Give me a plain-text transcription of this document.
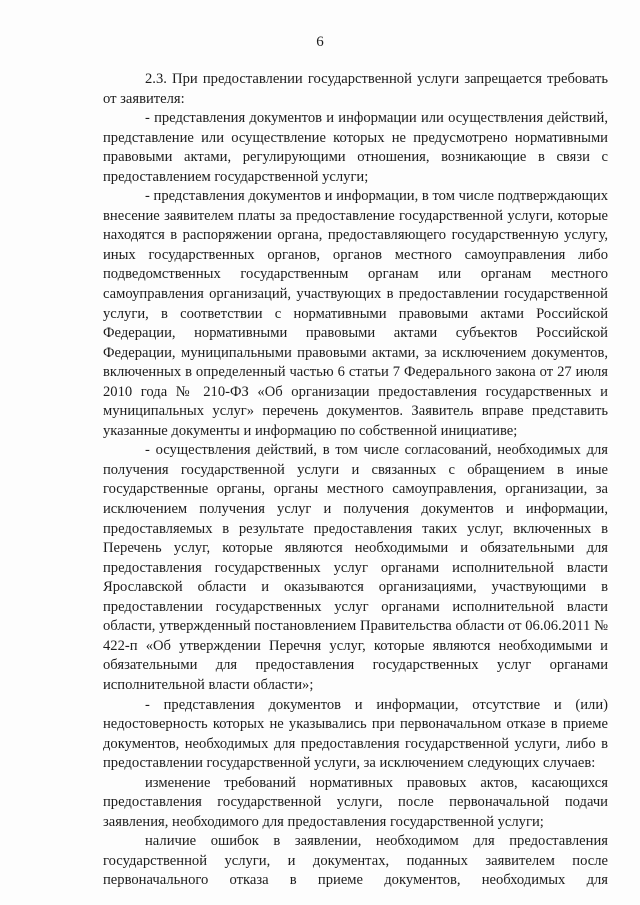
6

2.3. При предоставлении государственной услуги запрещается требовать от заявителя:

- представления документов и информации или осуществления действий, представление или осуществление которых не предусмотрено нормативными правовыми актами, регулирующими отношения, возникающие в связи с предоставлением государственной услуги;

- представления документов и информации, в том числе подтверждающих внесение заявителем платы за предоставление государственной услуги, которые находятся в распоряжении органа, предоставляющего государственную услугу, иных государственных органов, органов местного самоуправления либо подведомственных государственным органам или органам местного самоуправления организаций, участвующих в предоставлении государственной услуги, в соответствии с нормативными правовыми актами Российской Федерации, нормативными правовыми актами субъектов Российской Федерации, муниципальными правовыми актами, за исключением документов, включенных в определенный частью 6 статьи 7 Федерального закона от 27 июля 2010 года № 210-ФЗ «Об организации предоставления государственных и муниципальных услуг» перечень документов. Заявитель вправе представить указанные документы и информацию по собственной инициативе;

- осуществления действий, в том числе согласований, необходимых для получения государственной услуги и связанных с обращением в иные государственные органы, органы местного самоуправления, организации, за исключением получения услуг и получения документов и информации, предоставляемых в результате предоставления таких услуг, включенных в Перечень услуг, которые являются необходимыми и обязательными для предоставления государственных услуг органами исполнительной власти Ярославской области и оказываются организациями, участвующими в предоставлении государственных услуг органами исполнительной власти области, утвержденный постановлением Правительства области от 06.06.2011 № 422-п «Об утверждении Перечня услуг, которые являются необходимыми и обязательными для предоставления государственных услуг органами исполнительной власти области»;

- представления документов и информации, отсутствие и (или) недостоверность которых не указывались при первоначальном отказе в приеме документов, необходимых для предоставления государственной услуги, либо в предоставлении государственной услуги, за исключением следующих случаев:

изменение требований нормативных правовых актов, касающихся предоставления государственной услуги, после первоначальной подачи заявления, необходимого для предоставления государственной услуги;

наличие ошибок в заявлении, необходимом для предоставления государственной услуги, и документах, поданных заявителем после первоначального отказа в приеме документов, необходимых для
